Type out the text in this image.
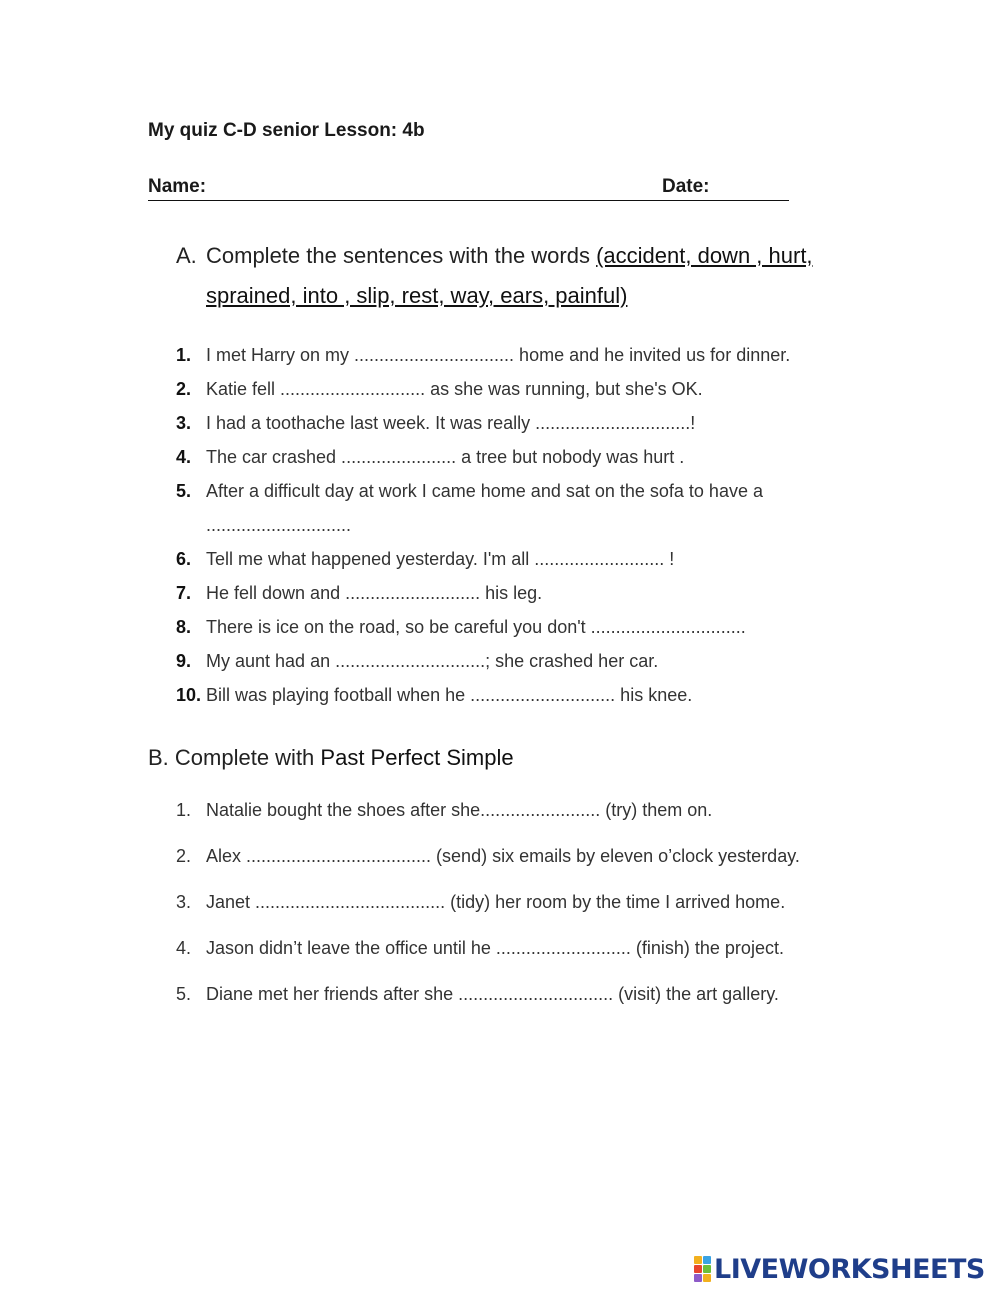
My quiz C-D senior Lesson: 4b
Name:	Date:
A. Complete the sentences with the words (accident, down , hurt, sprained, into , slip, rest, way, ears, painful)
1. I met Harry on my ................................ home and he invited us for dinner.
2. Katie fell ............................. as she was running, but she's OK.
3. I had a toothache last week. It was really ...............................!
4. The car crashed ....................... a tree but nobody was hurt .
5. After a difficult day at work I came home and sat on the sofa to have a .............................
6. Tell me what happened yesterday. I'm all .......................... !
7. He fell down and ........................... his leg.
8. There is ice on the road, so be careful you don't ...............................
9. My aunt had an ..............................; she crashed her car.
10. Bill was playing football when he ............................. his knee.
B. Complete with Past Perfect Simple
1. Natalie bought the shoes after she........................ (try) them on.
2. Alex ..................................... (send) six emails by eleven o’clock yesterday.
3. Janet ...................................... (tidy) her room by the time I arrived home.
4. Jason didn’t leave the office until he ........................... (finish) the project.
5. Diane met her friends after she ............................... (visit) the art gallery.
LIVEWORKSHEETS
